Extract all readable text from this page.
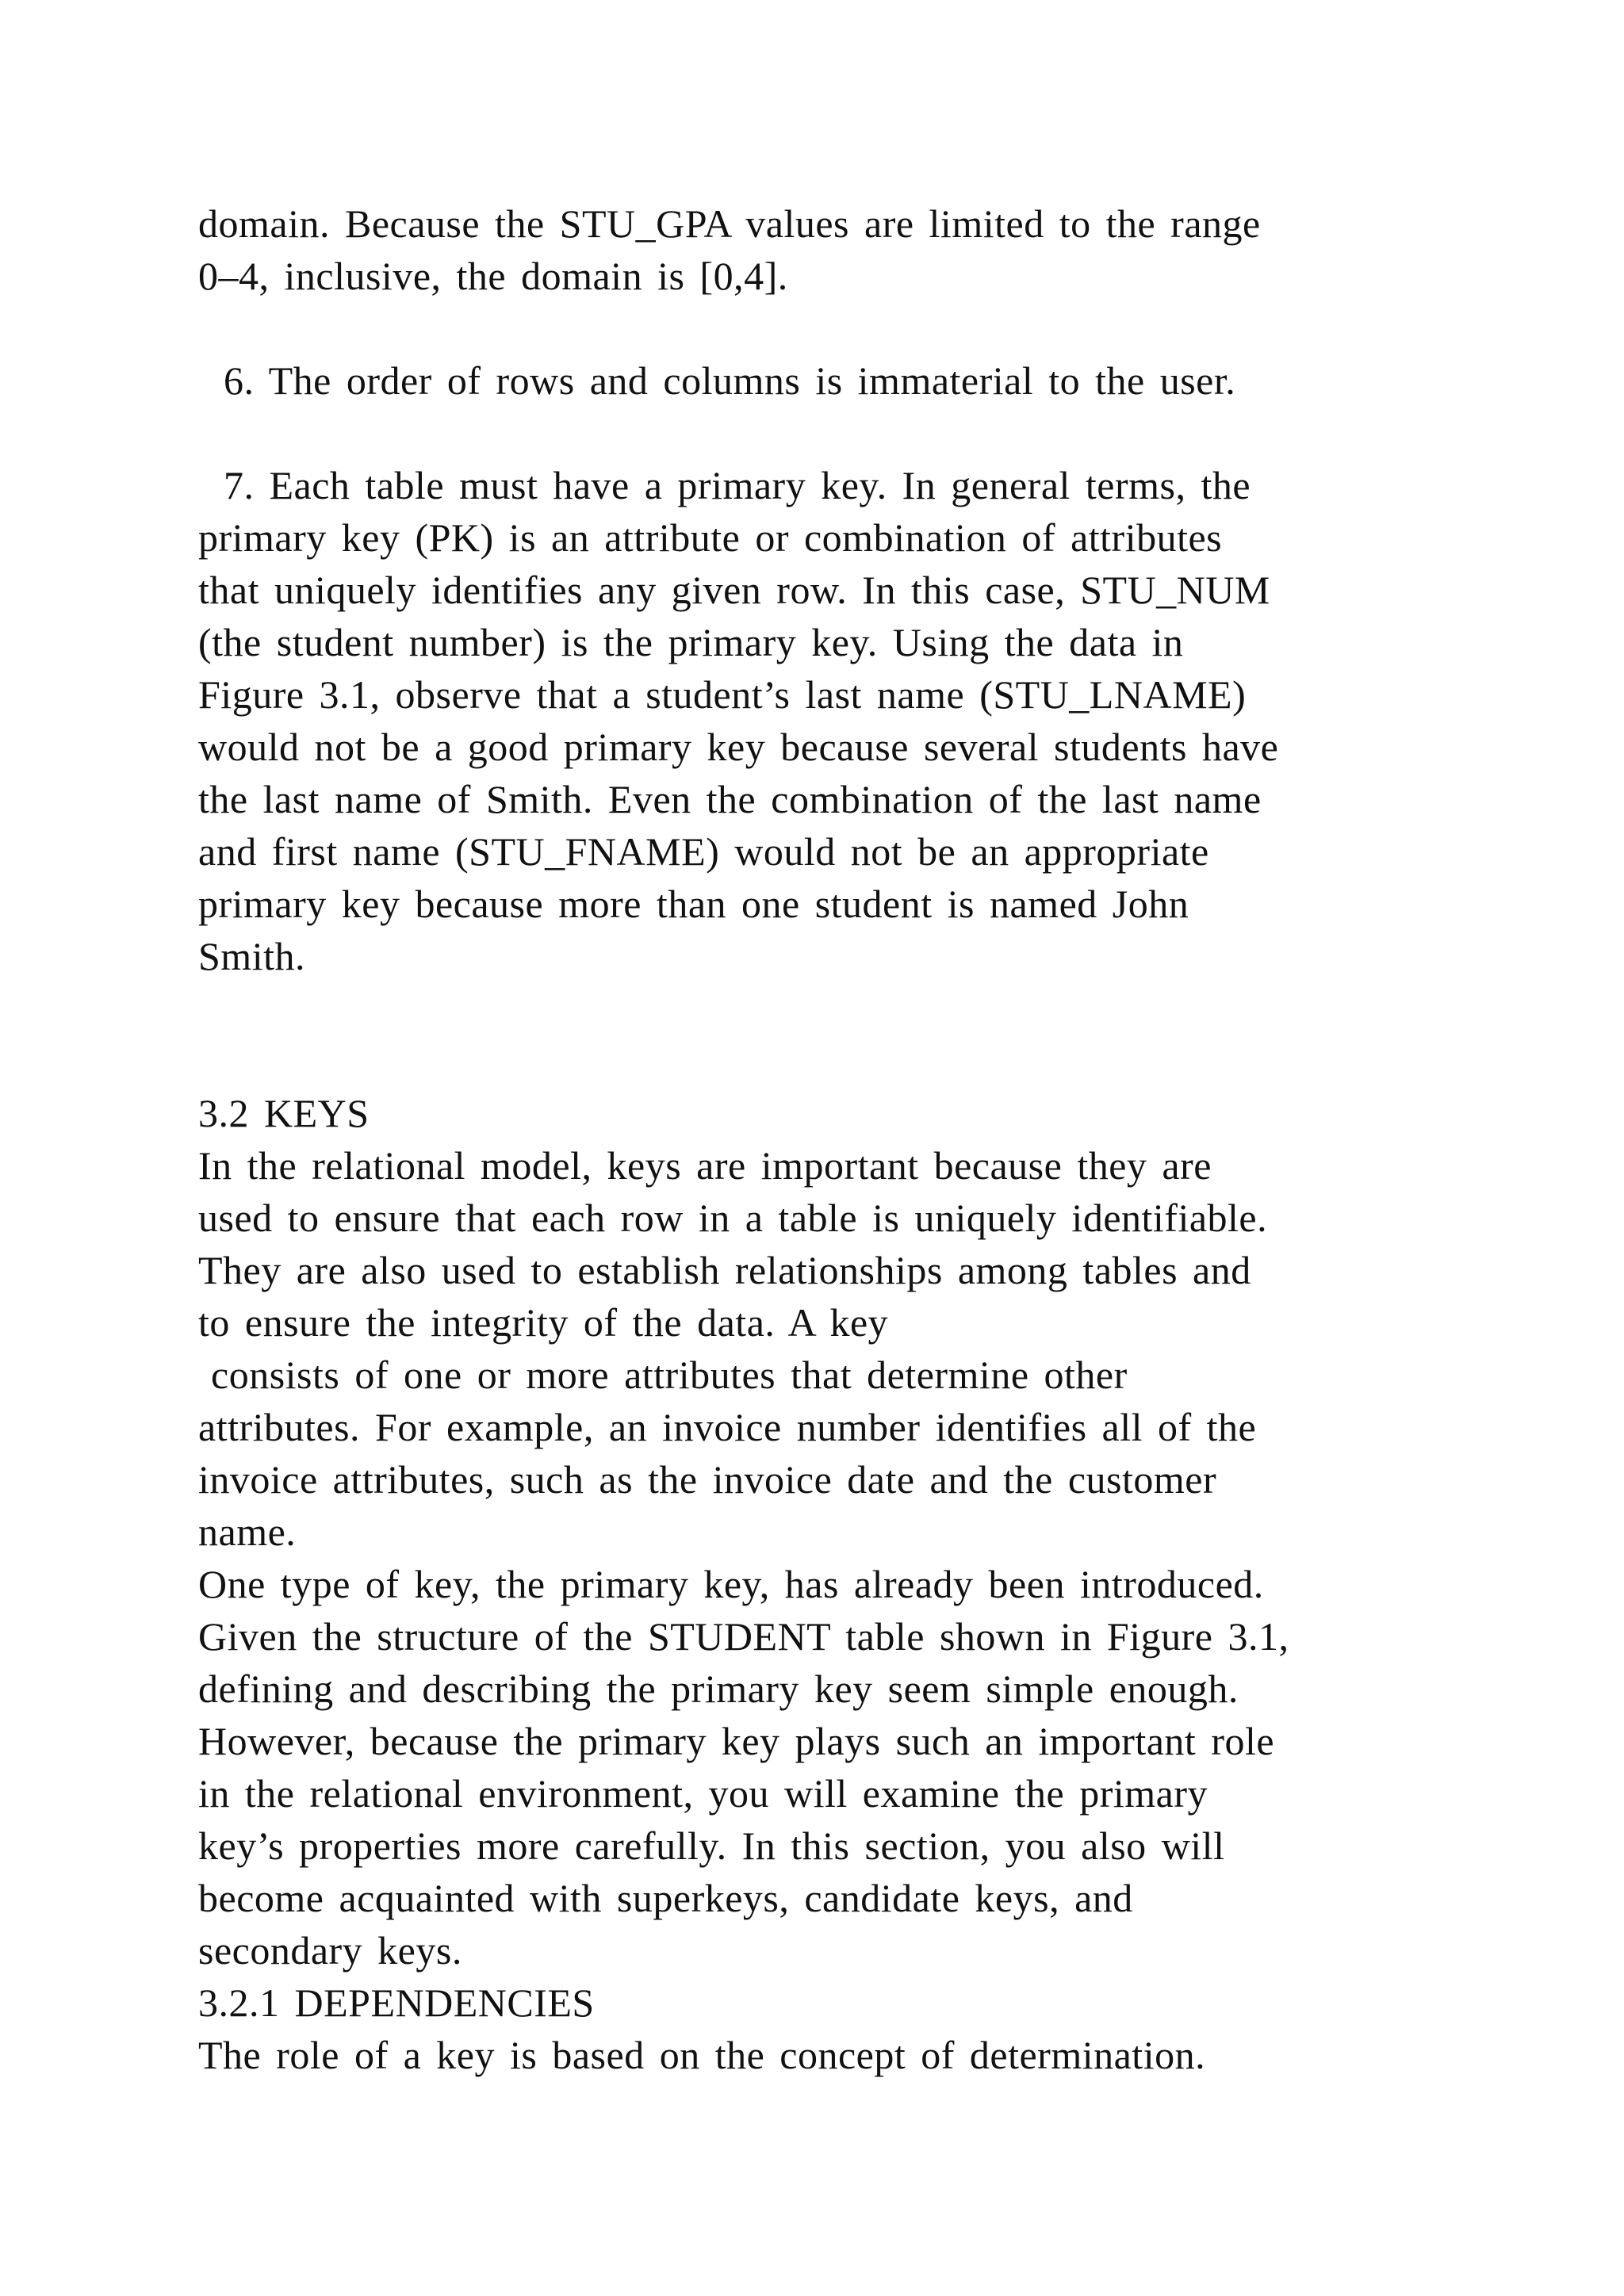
domain. Because the STU_GPA values are limited to the range
0–4, inclusive, the domain is [0,4].
6. The order of rows and columns is immaterial to the user.
7. Each table must have a primary key. In general terms, the
primary key (PK) is an attribute or combination of attributes
that uniquely identifies any given row. In this case, STU_NUM
(the student number) is the primary key. Using the data in
Figure 3.1, observe that a student’s last name (STU_LNAME)
would not be a good primary key because several students have
the last name of Smith. Even the combination of the last name
and first name (STU_FNAME) would not be an appropriate
primary key because more than one student is named John
Smith.
3.2 KEYS
In the relational model, keys are important because they are
used to ensure that each row in a table is uniquely identifiable.
They are also used to establish relationships among tables and
to ensure the integrity of the data. A key
consists of one or more attributes that determine other
attributes. For example, an invoice number identifies all of the
invoice attributes, such as the invoice date and the customer
name.
One type of key, the primary key, has already been introduced.
Given the structure of the STUDENT table shown in Figure 3.1,
defining and describing the primary key seem simple enough.
However, because the primary key plays such an important role
in the relational environment, you will examine the primary
key’s properties more carefully. In this section, you also will
become acquainted with superkeys, candidate keys, and
secondary keys.
3.2.1 DEPENDENCIES
The role of a key is based on the concept of determination.
